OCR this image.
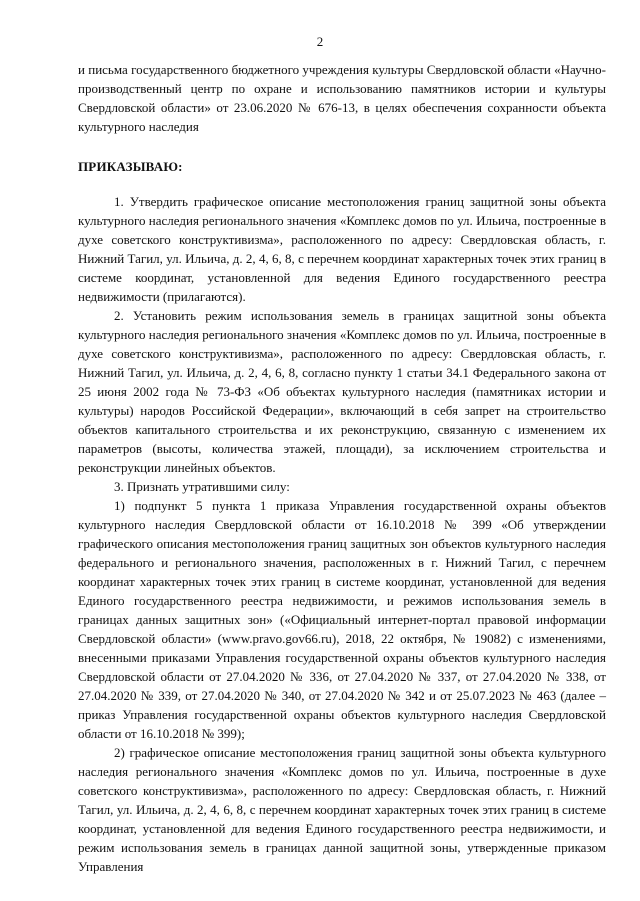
2

и письма государственного бюджетного учреждения культуры Свердловской области «Научно-производственный центр по охране и использованию памятников истории и культуры Свердловской области» от 23.06.2020 № 676-13, в целях обеспечения сохранности объекта культурного наследия

ПРИКАЗЫВАЮ:

1. Утвердить графическое описание местоположения границ защитной зоны объекта культурного наследия регионального значения «Комплекс домов по ул. Ильича, построенные в духе советского конструктивизма», расположенного по адресу: Свердловская область, г. Нижний Тагил, ул. Ильича, д. 2, 4, 6, 8, с перечнем координат характерных точек этих границ в системе координат, установленной для ведения Единого государственного реестра недвижимости (прилагаются).

2. Установить режим использования земель в границах защитной зоны объекта культурного наследия регионального значения «Комплекс домов по ул. Ильича, построенные в духе советского конструктивизма», расположенного по адресу: Свердловская область, г. Нижний Тагил, ул. Ильича, д. 2, 4, 6, 8, согласно пункту 1 статьи 34.1 Федерального закона от 25 июня 2002 года № 73-ФЗ «Об объектах культурного наследия (памятниках истории и культуры) народов Российской Федерации», включающий в себя запрет на строительство объектов капитального строительства и их реконструкцию, связанную с изменением их параметров (высоты, количества этажей, площади), за исключением строительства и реконструкции линейных объектов.

3. Признать утратившими силу:

1) подпункт 5 пункта 1 приказа Управления государственной охраны объектов культурного наследия Свердловской области от 16.10.2018 № 399 «Об утверждении графического описания местоположения границ защитных зон объектов культурного наследия федерального и регионального значения, расположенных в г. Нижний Тагил, с перечнем координат характерных точек этих границ в системе координат, установленной для ведения Единого государственного реестра недвижимости, и режимов использования земель в границах данных защитных зон» («Официальный интернет-портал правовой информации Свердловской области» (www.pravo.gov66.ru), 2018, 22 октября, № 19082) с изменениями, внесенными приказами Управления государственной охраны объектов культурного наследия Свердловской области от 27.04.2020 № 336, от 27.04.2020 № 337, от 27.04.2020 № 338, от 27.04.2020 № 339, от 27.04.2020 № 340, от 27.04.2020 № 342 и от 25.07.2023 № 463 (далее – приказ Управления государственной охраны объектов культурного наследия Свердловской области от 16.10.2018 № 399);

2) графическое описание местоположения границ защитной зоны объекта культурного наследия регионального значения «Комплекс домов по ул. Ильича, построенные в духе советского конструктивизма», расположенного по адресу: Свердловская область, г. Нижний Тагил, ул. Ильича, д. 2, 4, 6, 8, с перечнем координат характерных точек этих границ в системе координат, установленной для ведения Единого государственного реестра недвижимости, и режим использования земель в границах данной защитной зоны, утвержденные приказом Управления
